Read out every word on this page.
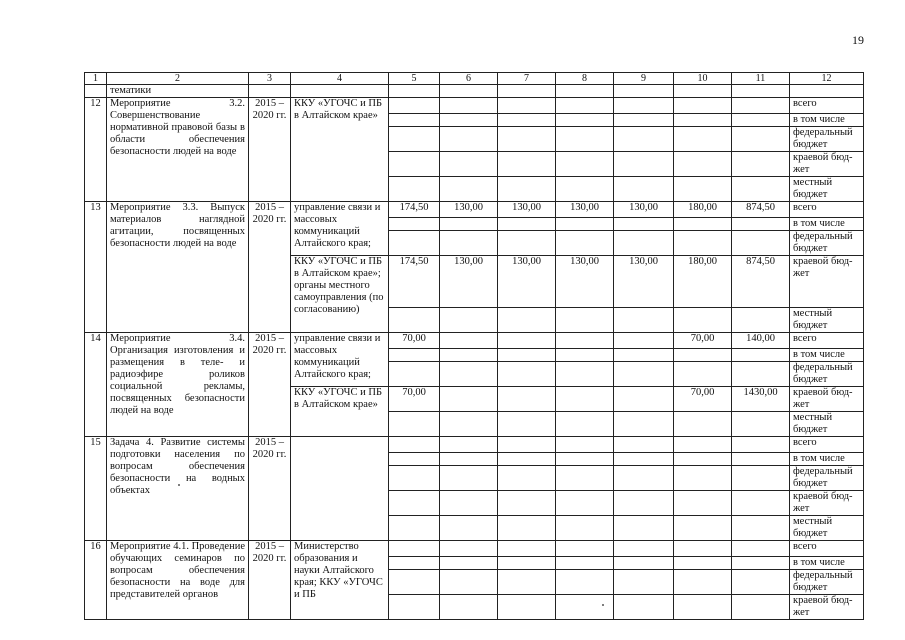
19
1	2	3	4	5	6	7	8	9	10	11	12
	тематики										
12	Мероприятие 3.2. Совершенствование нормативной правовой базы в области обеспечения безопасности людей на воде	2015 – 2020 гг.	ККУ «УГОЧС и ПБ в Алтайском крае»								всего
											в том числе
											федеральный
бюджет
											краевой бюд-
жет
											местный
бюджет
13	Мероприятие 3.3. Выпуск материалов наглядной агитации, посвященных безопасности людей на воде	2015 – 2020 гг.	управление связи и массовых коммуникаций Алтайского края;	174,50	130,00	130,00	130,00	130,00	180,00	874,50	всего
											в том числе
											федеральный
бюджет
			ККУ «УГОЧС и ПБ в Алтайском крае»; органы местного самоуправления (по согласованию)	174,50	130,00	130,00	130,00	130,00	180,00	874,50	краевой бюд-
жет
											местный
бюджет
14	Мероприятие 3.4. Организация изготовления и размещения в теле- и радиоэфире роликов социальной рекламы, посвященных безопасности людей на воде	2015 – 2020 гг.	управление связи и массовых коммуникаций Алтайского края;	70,00					70,00	140,00	всего
											в том числе
											федеральный
бюджет
			ККУ «УГОЧС и ПБ в Алтайском крае»	70,00					70,00	1430,00	краевой бюд-
жет
											местный
бюджет
15	Задача 4. Развитие системы подготовки населения по вопросам обеспечения безопасности на водных объектах	2015 – 2020 гг.									всего
											в том числе
											федеральный
бюджет
											краевой бюд-
жет
											местный
бюджет
16	Мероприятие 4.1. Проведение обучающих семинаров по вопросам обеспечения безопасности на воде для представителей органов	2015 – 2020 гг.	Министерство образования и науки Алтайского края; ККУ «УГОЧС и ПБ								всего
											в том числе
											федеральный
бюджет
											краевой бюд-
жет
